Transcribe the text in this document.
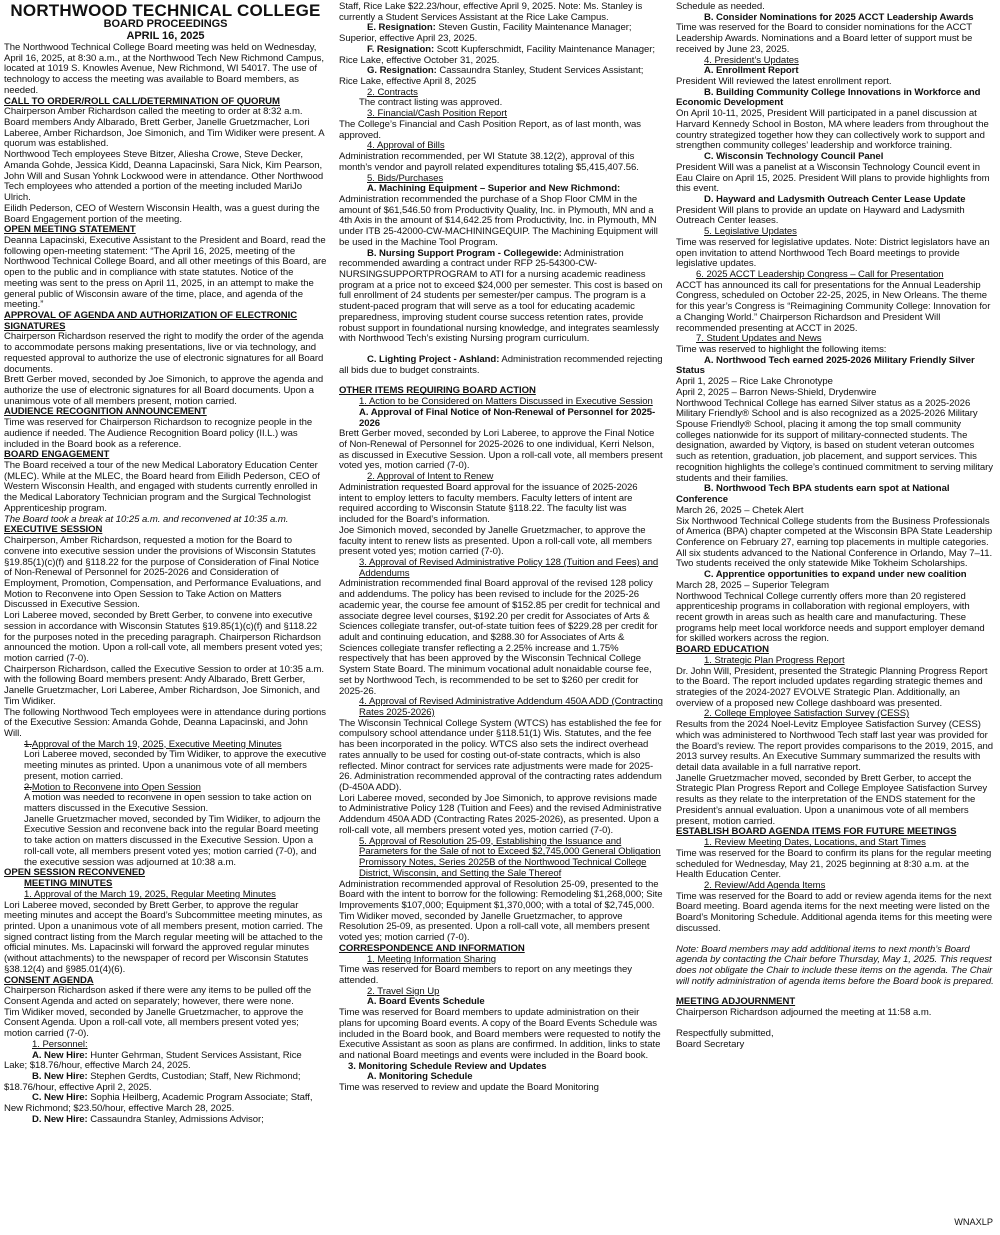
NORTHWOOD TECHNICAL COLLEGE
BOARD PROCEEDINGS
APRIL 16, 2025

The Northwood Technical College Board meeting was held on Wednesday, April 16, 2025, at 8:30 a.m., at the Northwood Tech New Richmond Campus, located at 1019 S. Knowles Avenue, New Richmond, WI 54017. The use of technology to access the meeting was available to Board members, as needed.

CALL TO ORDER/ROLL CALL/DETERMINATION OF QUORUM

Chairperson Amber Richardson called the meeting to order at 8:32 a.m. Board members Andy Albarado, Brett Gerber, Janelle Gruetzmacher, Lori Laberee, Amber Richardson, Joe Simonich, and Tim Widiker were present. A quorum was established.

Northwood Tech employees Steve Bitzer, Aliesha Crowe, Steve Decker, Amanda Gohde, Jessica Kidd, Deanna Lapacinski, Sara Nick, Kim Pearson, John Will and Susan Yohnk Lockwood were in attendance. Other Northwood Tech employees who attended a portion of the meeting included MariJo Ulrich.

Eilidh Pederson, CEO of Western Wisconsin Health, was a guest during the Board Engagement portion of the meeting.

OPEN MEETING STATEMENT

Deanna Lapacinski, Executive Assistant to the President and Board, read the following open-meeting statement: “The April 16, 2025, meeting of the Northwood Technical College Board, and all other meetings of this Board, are open to the public and in compliance with state statutes. Notice of the meeting was sent to the press on April 11, 2025, in an attempt to make the general public of Wisconsin aware of the time, place, and agenda of the meeting.”

APPROVAL OF AGENDA AND AUTHORIZATION OF ELECTRONIC SIGNATURES

Chairperson Richardson reserved the right to modify the order of the agenda to accommodate persons making presentations, live or via technology, and requested approval to authorize the use of electronic signatures for all Board documents.

Brett Gerber moved, seconded by Joe Simonich, to approve the agenda and authorize the use of electronic signatures for all Board documents. Upon a unanimous vote of all members present, motion carried.

AUDIENCE RECOGNITION ANNOUNCEMENT

Time was reserved for Chairperson Richardson to recognize people in the audience if needed. The Audience Recognition Board policy (II.L.) was included in the Board book as a reference.

BOARD ENGAGEMENT

The Board received a tour of the new Medical Laboratory Education Center (MLEC). While at the MLEC, the Board heard from Eilidh Pederson, CEO of Western Wisconsin Health, and engaged with students currently enrolled in the Medical Laboratory Technician program and the Surgical Technologist Apprenticeship program.

The Board took a break at 10:25 a.m. and reconvened at 10:35 a.m.

EXECUTIVE SESSION

Chairperson, Amber Richardson, requested a motion for the Board to convene into executive session under the provisions of Wisconsin Statutes §19.85(1)(c)(f) and §118.22 for the purpose of Consideration of Final Notice of Non-Renewal of Personnel for 2025-2026 and Consideration of Employment, Promotion, Compensation, and Performance Evaluations, and Motion to Reconvene into Open Session to Take Action on Matters Discussed in Executive Session.

Lori Laberee moved, seconded by Brett Gerber, to convene into executive session in accordance with Wisconsin Statutes §19.85(1)(c)(f) and §118.22 for the purposes noted in the preceding paragraph. Chairperson Richardson announced the motion. Upon a roll-call vote, all members present voted yes; motion carried (7-0).

Chairperson Richardson, called the Executive Session to order at 10:35 a.m. with the following Board members present: Andy Albarado, Brett Gerber, Janelle Gruetzmacher, Lori Laberee, Amber Richardson, Joe Simonich, and Tim Widiker.

The following Northwood Tech employees were in attendance during portions of the Executive Session: Amanda Gohde, Deanna Lapacinski, and John Will.

1.Approval of the March 19, 2025, Executive Meeting Minutes

Lori Laberee moved, seconded by Tim Widiker, to approve the executive meeting minutes as printed. Upon a unanimous vote of all members present, motion carried.

2.Motion to Reconvene into Open Session

A motion was needed to reconvene in open session to take action on matters discussed in the Executive Session.

Janelle Gruetzmacher moved, seconded by Tim Widiker, to adjourn the Executive Session and reconvene back into the regular Board meeting to take action on matters discussed in the Executive Session. Upon a roll-call vote, all members present voted yes; motion carried (7-0), and the executive session was adjourned at 10:38 a.m.

OPEN SESSION RECONVENED

MEETING MINUTES

1. Approval of the March 19, 2025, Regular Meeting Minutes

Lori Laberee moved, seconded by Brett Gerber, to approve the regular meeting minutes and accept the Board’s Subcommittee meeting minutes, as printed. Upon a unanimous vote of all members present, motion carried. The signed contract listing from the March regular meeting will be attached to the official minutes. Ms. Lapacinski will forward the approved regular minutes (without attachments) to the newspaper of record per Wisconsin Statutes §38.12(4) and §985.01(4)(6).

CONSENT AGENDA

Chairperson Richardson asked if there were any items to be pulled off the Consent Agenda and acted on separately; however, there were none.

Tim Widiker moved, seconded by Janelle Gruetzmacher, to approve the Consent Agenda. Upon a roll-call vote, all members present voted yes; motion carried (7-0).

1. Personnel:

A. New Hire: Hunter Gehrman, Student Services Assistant, Rice Lake; $18.76/hour, effective March 24, 2025.

B. New Hire: Stephen Gerdts, Custodian; Staff, New Richmond; $18.76/hour, effective April 2, 2025.

C. New Hire: Sophia Heilberg, Academic Program Associate; Staff, New Richmond; $23.50/hour, effective March 28, 2025.

D. New Hire: Cassaundra Stanley, Admissions Advisor;

Staff, Rice Lake $22.23/hour, effective April 9, 2025. Note: Ms. Stanley is currently a Student Services Assistant at the Rice Lake Campus.

E. Resignation: Steven Gustin, Facility Maintenance Manager; Superior, effective April 23, 2025.

F. Resignation: Scott Kupferschmidt, Facility Maintenance Manager; Rice Lake, effective October 31, 2025.

G. Resignation: Cassaundra Stanley, Student Services Assistant; Rice Lake, effective April 8, 2025

2. Contracts

The contract listing was approved.

3. Financial/Cash Position Report

The College’s Financial and Cash Position Report, as of last month, was approved.

4. Approval of Bills

Administration recommended, per WI Statute 38.12(2), approval of this month’s vendor and payroll related expenditures totaling $5,415,407.56.

5. Bids/Purchases

A. Machining Equipment – Superior and New Richmond: Administration recommended the purchase of a Shop Floor CMM in the amount of $61,546.50 from Productivity Quality, Inc. in Plymouth, MN and a 4th Axis in the amount of $14,642.25 from Productivity, Inc. in Plymouth, MN under ITB 25-42000-CW-MACHININGEQUIP. The Machining Equipment will be used in the Machine Tool Program.

B. Nursing Support Program - Collegewide: Administration recommended awarding a contract under RFP 25-54300-CW-NURSINGSUPPORTPROGRAM to ATI for a nursing academic readiness program at a price not to exceed $24,000 per semester. This cost is based on full enrollment of 24 students per semester/per campus. The program is a student-paced program that will serve as a tool for educating academic preparedness, improving student course success retention rates, provide robust support in foundational nursing knowledge, and integrates seamlessly with Northwood Tech’s existing Nursing program curriculum.

C. Lighting Project - Ashland: Administration recommended rejecting all bids due to budget constraints.

OTHER ITEMS REQUIRING BOARD ACTION

1. Action to be Considered on Matters Discussed in Executive Session

A. Approval of Final Notice of Non-Renewal of Personnel for 2025-2026

Brett Gerber moved, seconded by Lori Laberee, to approve the Final Notice of Non-Renewal of Personnel for 2025-2026 to one individual, Kerri Nelson, as discussed in Executive Session. Upon a roll-call vote, all members present voted yes, motion carried (7-0).

2. Approval of Intent to Renew

Administration requested Board approval for the issuance of 2025-2026 intent to employ letters to faculty members. Faculty letters of intent are required according to Wisconsin Statute §118.22. The faculty list was included for the Board’s information.

Joe Simonich moved, seconded by Janelle Gruetzmacher, to approve the faculty intent to renew lists as presented. Upon a roll-call vote, all members present voted yes; motion carried (7-0).

3. Approval of Revised Administrative Policy 128 (Tuition and Fees) and Addendums

Administration recommended final Board approval of the revised 128 policy and addendums. The policy has been revised to include for the 2025-26 academic year, the course fee amount of $152.85 per credit for technical and associate degree level courses, $192.20 per credit for Associates of Arts & Sciences collegiate transfer, out-of-state tuition fees of $229.28 per credit for adult and continuing education, and $288.30 for Associates of Arts & Sciences collegiate transfer reflecting a 2.25% increase and 1.75% respectively that has been approved by the Wisconsin Technical College System State Board. The minimum vocational adult nonaidable course fee, set by Northwood Tech, is recommended to be set to $260 per credit for 2025-26.

4. Approval of Revised Administrative Addendum 450A ADD (Contracting Rates 2025-2026)

The Wisconsin Technical College System (WTCS) has established the fee for compulsory school attendance under §118.51(1) Wis. Statutes, and the fee has been incorporated in the policy. WTCS also sets the indirect overhead rates annually to be used for costing out-of-state contracts, which is also reflected. Minor contract for services rate adjustments were made for 2025-26. Administration recommended approval of the contracting rates addendum (D-450A ADD).

Lori Laberee moved, seconded by Joe Simonich, to approve revisions made to Administrative Policy 128 (Tuition and Fees) and the revised Administrative Addendum 450A ADD (Contracting Rates 2025-2026), as presented. Upon a roll-call vote, all members present voted yes, motion carried (7-0).

5. Approval of Resolution 25-09, Establishing the Issuance and Parameters for the Sale of not to Exceed $2,745,000 General Obligation Promissory Notes, Series 2025B of the Northwood Technical College District, Wisconsin, and Setting the Sale Thereof

Administration recommended approval of Resolution 25-09, presented to the Board with the intent to borrow for the following: Remodeling $1,268,000; Site Improvements $107,000; Equipment $1,370,000; with a total of $2,745,000.

Tim Widiker moved, seconded by Janelle Gruetzmacher, to approve Resolution 25-09, as presented. Upon a roll-call vote, all members present voted yes; motion carried (7-0).

CORRESPONDENCE AND INFORMATION

1. Meeting Information Sharing

Time was reserved for Board members to report on any meetings they attended.

2. Travel Sign Up

A. Board Events Schedule

Time was reserved for Board members to update administration on their plans for upcoming Board events. A copy of the Board Events Schedule was included in the Board book, and Board members were requested to notify the Executive Assistant as soon as plans are confirmed. In addition, links to state and national Board meetings and events were included in the Board book.

3. Monitoring Schedule Review and Updates

A. Monitoring Schedule

Time was reserved to review and update the Board Monitoring

Schedule as needed.

B. Consider Nominations for 2025 ACCT Leadership Awards

Time was reserved for the Board to consider nominations for the ACCT Leadership Awards. Nominations and a Board letter of support must be received by June 23, 2025.

4. President’s Updates

A. Enrollment Report

President Will reviewed the latest enrollment report.

B. Building Community College Innovations in Workforce and Economic Development

On April 10-11, 2025, President Will participated in a panel discussion at Harvard Kennedy School in Boston, MA where leaders from throughout the country strategized together how they can collectively work to support and strengthen community colleges’ leadership and workforce training.

C. Wisconsin Technology Council Panel

President Will was a panelist at a Wisconsin Technology Council event in Eau Claire on April 15, 2025. President Will plans to provide highlights from this event.

D. Hayward and Ladysmith Outreach Center Lease Update

President Will plans to provide an update on Hayward and Ladysmith Outreach Center leases.

5. Legislative Updates

Time was reserved for legislative updates. Note: District legislators have an open invitation to attend Northwood Tech Board meetings to provide legislative updates.

6. 2025 ACCT Leadership Congress – Call for Presentation

ACCT has announced its call for presentations for the Annual Leadership Congress, scheduled on October 22-25, 2025, in New Orleans. The theme for this year’s Congress is “Reimagining Community College: Innovation for a Changing World.” Chairperson Richardson and President Will recommended presenting at ACCT in 2025.

7. Student Updates and News

Time was reserved to highlight the following items:

A. Northwood Tech earned 2025-2026 Military Friendly Silver Status

April 1, 2025 – Rice Lake Chronotype

April 2, 2025 – Barron News-Shield, Drydenwire

Northwood Technical College has earned Silver status as a 2025-2026 Military Friendly® School and is also recognized as a 2025-2026 Military Spouse Friendly® School, placing it among the top small community colleges nationwide for its support of military-connected students. The designation, awarded by Viqtory, is based on student veteran outcomes such as retention, graduation, job placement, and support services. This recognition highlights the college’s continued commitment to serving military students and their families.

B. Northwood Tech BPA students earn spot at National Conference

March 26, 2025 – Chetek Alert

Six Northwood Technical College students from the Business Professionals of America (BPA) chapter competed at the Wisconsin BPA State Leadership Conference on February 27, earning top placements in multiple categories. All six students advanced to the National Conference in Orlando, May 7–11. Two students received the only statewide Mike Tokheim Scholarships.

C. Apprentice opportunities to expand under new coalition

March 28, 2025 – Superior Telegram

Northwood Technical College currently offers more than 20 registered apprenticeship programs in collaboration with regional employers, with recent growth in areas such as health care and manufacturing. These programs help meet local workforce needs and support employer demand for skilled workers across the region.

BOARD EDUCATION

1. Strategic Plan Progress Report

Dr. John Will, President, presented the Strategic Planning Progress Report to the Board. The report included updates regarding strategic themes and strategies of the 2024-2027 EVOLVE Strategic Plan. Additionally, an overview of a proposed new College dashboard was presented.

2. College Employee Satisfaction Survey (CESS)

Results from the 2024 Noel-Levitz Employee Satisfaction Survey (CESS) which was administered to Northwood Tech staff last year was provided for the Board’s review. The report provides comparisons to the 2019, 2015, and 2013 survey results. An Executive Summary summarized the results with detail data available in a full narrative report.

Janelle Gruetzmacher moved, seconded by Brett Gerber, to accept the Strategic Plan Progress Report and College Employee Satisfaction Survey results as they relate to the interpretation of the ENDS statement for the President’s annual evaluation. Upon a unanimous vote of all members present, motion carried.

ESTABLISH BOARD AGENDA ITEMS FOR FUTURE MEETINGS

1. Review Meeting Dates, Locations, and Start Times

Time was reserved for the Board to confirm its plans for the regular meeting scheduled for Wednesday, May 21, 2025 beginning at 8:30 a.m. at the Health Education Center.

2. Review/Add Agenda Items

Time was reserved for the Board to add or review agenda items for the next Board meeting. Board agenda items for the next meeting were listed on the Board’s Monitoring Schedule. Additional agenda items for this meeting were discussed.

Note: Board members may add additional items to next month’s Board agenda by contacting the Chair before Thursday, May 1, 2025. This request does not obligate the Chair to include these items on the agenda. The Chair will notify administration of agenda items before the Board book is prepared.

MEETING ADJOURNMENT

Chairperson Richardson adjourned the meeting at 11:58 a.m.

Respectfully submitted,

Board Secretary

WNAXLP
